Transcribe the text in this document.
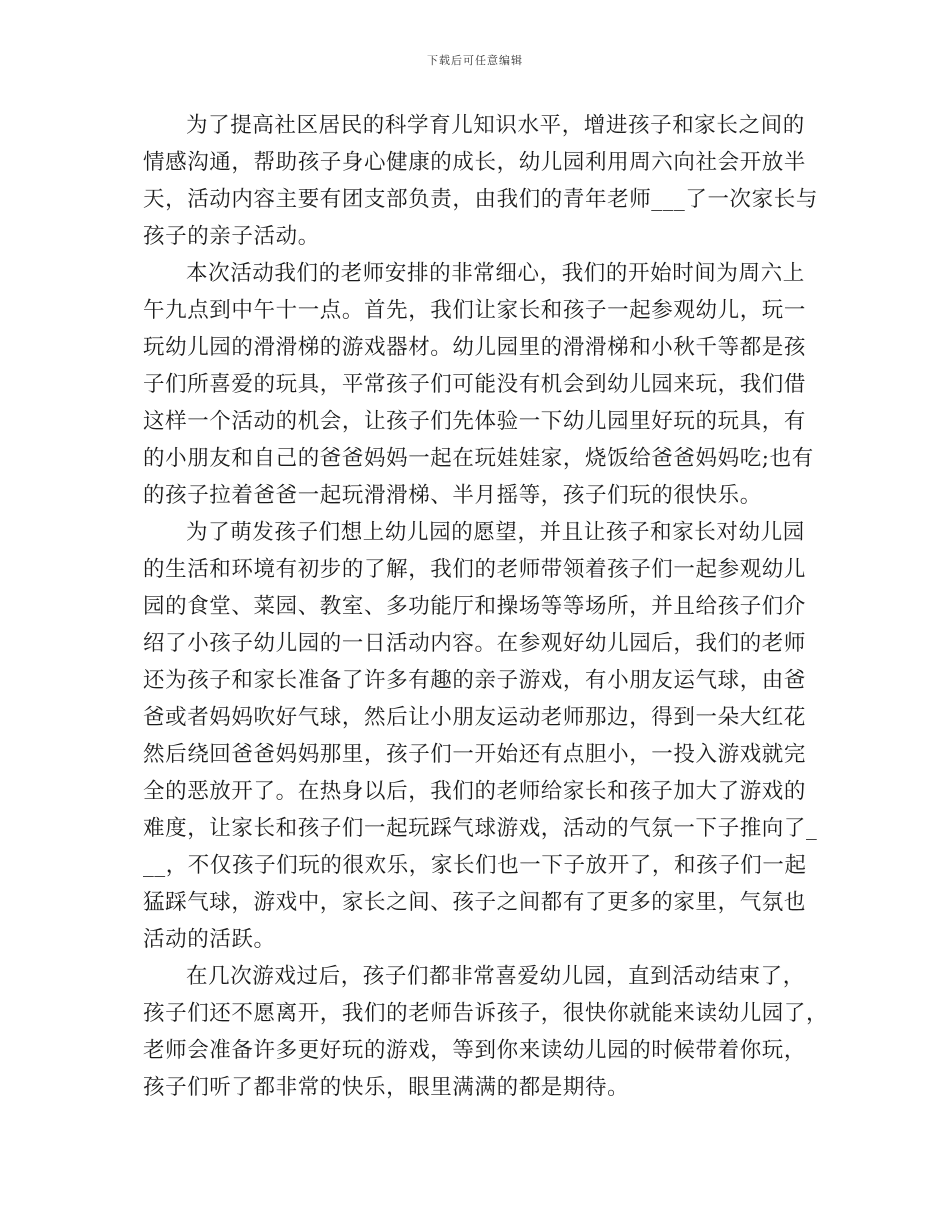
下载后可任意编辑
为了提高社区居民的科学育儿知识水平，增进孩子和家长之间的
情感沟通，帮助孩子身心健康的成长，幼儿园利用周六向社会开放半
天，活动内容主要有团支部负责，由我们的青年老师___了一次家长与
孩子的亲子活动。
本次活动我们的老师安排的非常细心，我们的开始时间为周六上
午九点到中午十一点。首先，我们让家长和孩子一起参观幼儿，玩一
玩幼儿园的滑滑梯的游戏器材。幼儿园里的滑滑梯和小秋千等都是孩
子们所喜爱的玩具，平常孩子们可能没有机会到幼儿园来玩，我们借
这样一个活动的机会，让孩子们先体验一下幼儿园里好玩的玩具，有
的小朋友和自己的爸爸妈妈一起在玩娃娃家，烧饭给爸爸妈妈吃;也有
的孩子拉着爸爸一起玩滑滑梯、半月摇等，孩子们玩的很快乐。
为了萌发孩子们想上幼儿园的愿望，并且让孩子和家长对幼儿园
的生活和环境有初步的了解，我们的老师带领着孩子们一起参观幼儿
园的食堂、菜园、教室、多功能厅和操场等等场所，并且给孩子们介
绍了小孩子幼儿园的一日活动内容。在参观好幼儿园后，我们的老师
还为孩子和家长准备了许多有趣的亲子游戏，有小朋友运气球，由爸
爸或者妈妈吹好气球，然后让小朋友运动老师那边，得到一朵大红花
然后绕回爸爸妈妈那里，孩子们一开始还有点胆小，一投入游戏就完
全的恶放开了。在热身以后，我们的老师给家长和孩子加大了游戏的
难度，让家长和孩子们一起玩踩气球游戏，活动的气氛一下子推向了_
__，不仅孩子们玩的很欢乐，家长们也一下子放开了，和孩子们一起
猛踩气球，游戏中，家长之间、孩子之间都有了更多的家里，气氛也
活动的活跃。
在几次游戏过后，孩子们都非常喜爱幼儿园，直到活动结束了，
孩子们还不愿离开，我们的老师告诉孩子，很快你就能来读幼儿园了，
老师会准备许多更好玩的游戏，等到你来读幼儿园的时候带着你玩，
孩子们听了都非常的快乐，眼里满满的都是期待。
